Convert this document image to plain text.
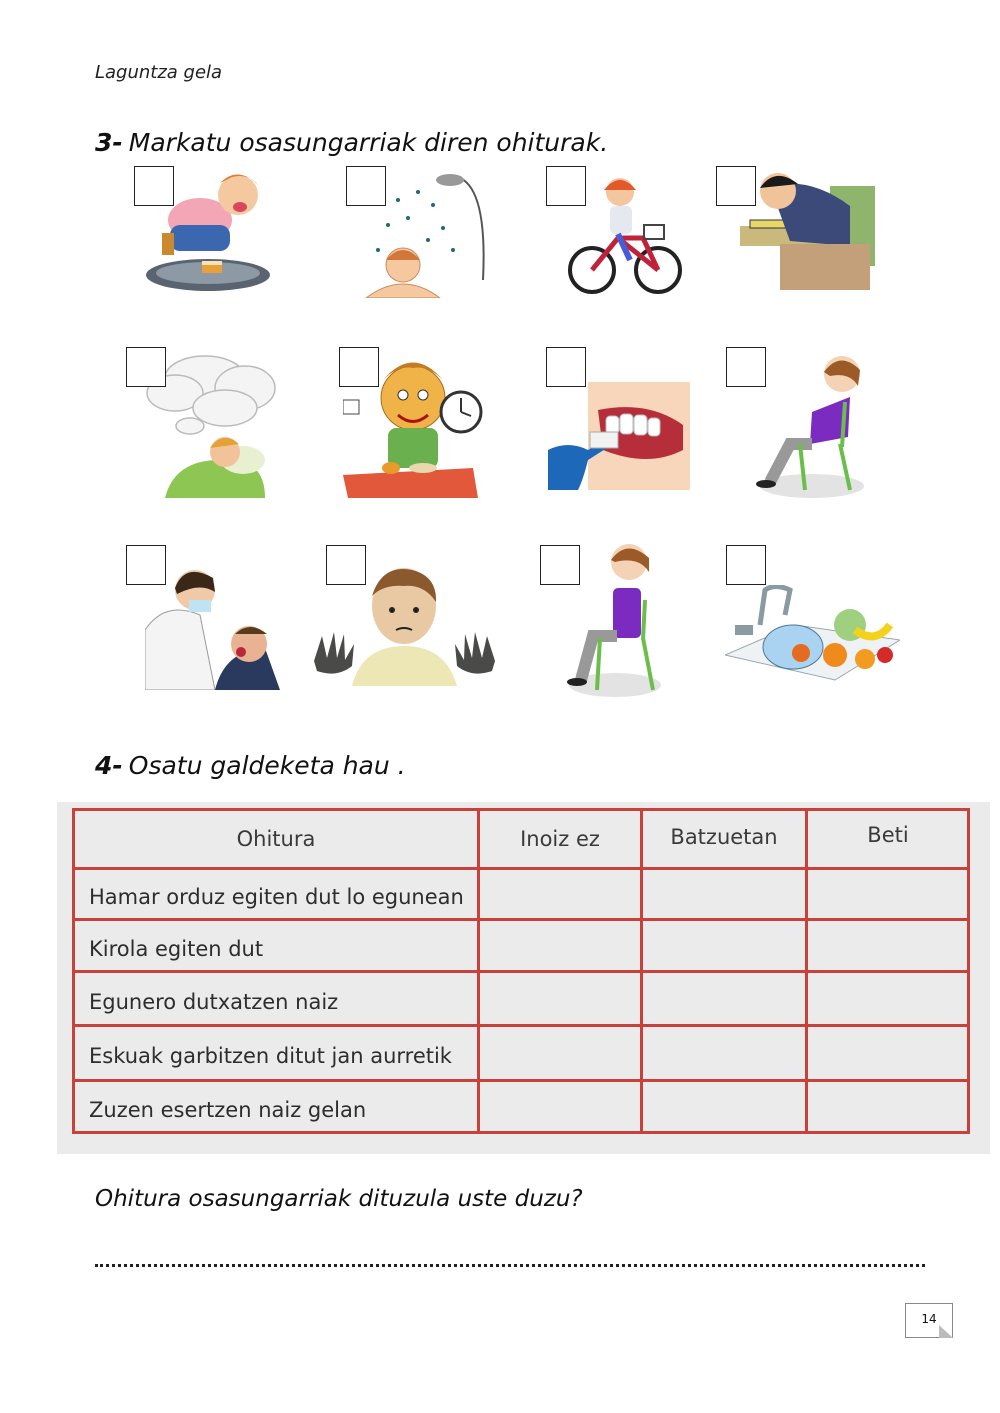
Laguntza gela
3- Markatu osasungarriak diren ohiturak.
4- Osatu galdeketa hau .
Ohitura	Inoiz ez	Batzuetan	Beti
Hamar orduz egiten dut lo egunean
Kirola egiten dut
Egunero dutxatzen naiz
Eskuak garbitzen ditut jan aurretik
Zuzen esertzen naiz gelan
Ohitura osasungarriak dituzula uste duzu?
14
